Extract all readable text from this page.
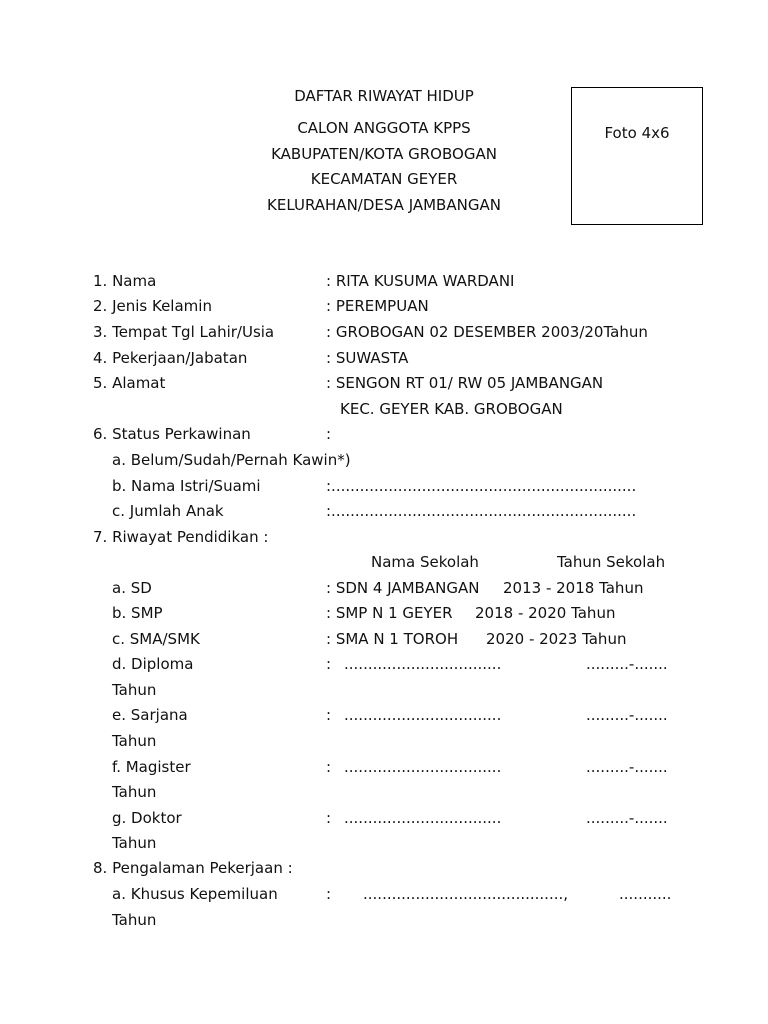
DAFTAR RIWAYAT HIDUP
CALON ANGGOTA KPPS
KABUPATEN/KOTA GROBOGAN
KECAMATAN GEYER
KELURAHAN/DESA JAMBANGAN
Foto 4x6
1. Nama	: RITA KUSUMA WARDANI
2. Jenis Kelamin	: PEREMPUAN
3. Tempat Tgl Lahir/Usia	: GROBOGAN 02 DESEMBER 2003/20Tahun
4. Pekerjaan/Jabatan	: SUWASTA
5. Alamat	: SENGON RT 01/ RW 05 JAMBANGAN
KEC. GEYER KAB. GROBOGAN
6. Status Perkawinan	:
a. Belum/Sudah/Pernah Kawin*)
b. Nama Istri/Suami	:................................................................
c. Jumlah Anak	:................................................................
7. Riwayat Pendidikan :
Nama Sekolah	Tahun Sekolah
a. SD	: SDN 4 JAMBANGAN 2013 - 2018 Tahun
b. SMP	: SMP N 1 GEYER 2018 - 2020 Tahun
c. SMA/SMK	: SMA N 1 TOROH 2020 - 2023 Tahun
d. Diploma	: .................................	.........-.......
Tahun
e. Sarjana	: .................................	.........-.......
Tahun
f. Magister	: .................................	.........-.......
Tahun
g. Doktor	: .................................	.........-.......
Tahun
8. Pengalaman Pekerjaan :
a. Khusus Kepemiluan	: ..........................................,	...........
Tahun
